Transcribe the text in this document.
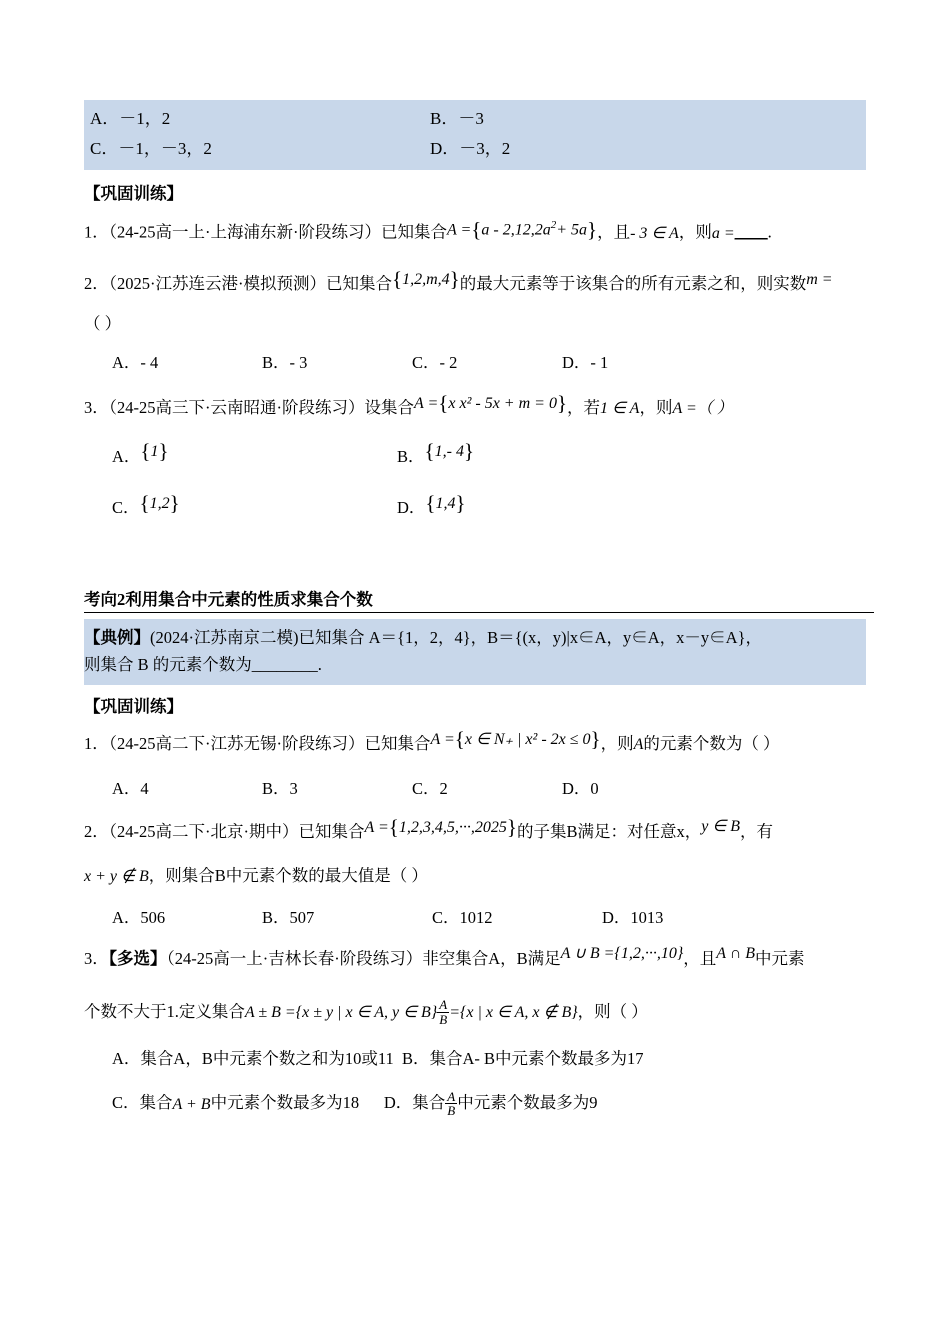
A．－1，2	B．－3
C．－1，－3，2	D．－3，2
【巩固训练】
1．（24-25高一上·上海浦东新·阶段练习）已知集合$A =\{a - 2,12,2a^2+ 5a\}$，且- 3 ∈ A，则a =____.
2．（2025·江苏连云港·模拟预测）已知集合{1,2,m,4}的最大元素等于该集合的所有元素之和，则实数m =
（ ）
A．- 4	B．- 3	C．- 2	D．- 1
3．（24-25高三下·云南昭通·阶段练习）设集合A ={x x² - 5x + m = 0}，若1 ∈ A，则A =（ ）
A．{1}	B．{1,- 4}
C．{1,2}	D．{1,4}
考向2利用集合中元素的性质求集合个数
【典例】(2024·江苏南京二模)已知集合 A＝{1，2，4}，B＝{(x，y)|x∈A，y∈A，x－y∈A}，
则集合 B 的元素个数为________.
【巩固训练】
1．（24-25高二下·江苏无锡·阶段练习）已知集合A ={x ∈ N₊ | x² - 2x ≤ 0}，则A的元素个数为（ ）
A．4	B．3	C．2	D．0
2．（24-25高二下·北京·期中）已知集合A ={1,2,3,4,5,···,2025}的子集B满足：对任意x，y ∈ B，有
x + y ∉ B，则集合B中元素个数的最大值是（ ）
A．506	B．507	C．1012	D．1013
3．【多选】（24-25高一上·吉林长春·阶段练习）非空集合A，B满足A ∪ B ={1,2,···,10}，且A ∩ B中元素
个数不大于1.定义集合A ± B ={x ± y | x ∈ A, y ∈ $B\} \frac{A}{B} =\{x$ | x ∈ A, x ∉ B}，则（ ）
A．集合A，B中元素个数之和为10或11 B．集合A- B中元素个数最多为17
C．集合A + B中元素个数最多为18 D．集合 $\frac{A}{B}$ 中元素个数最多为9
